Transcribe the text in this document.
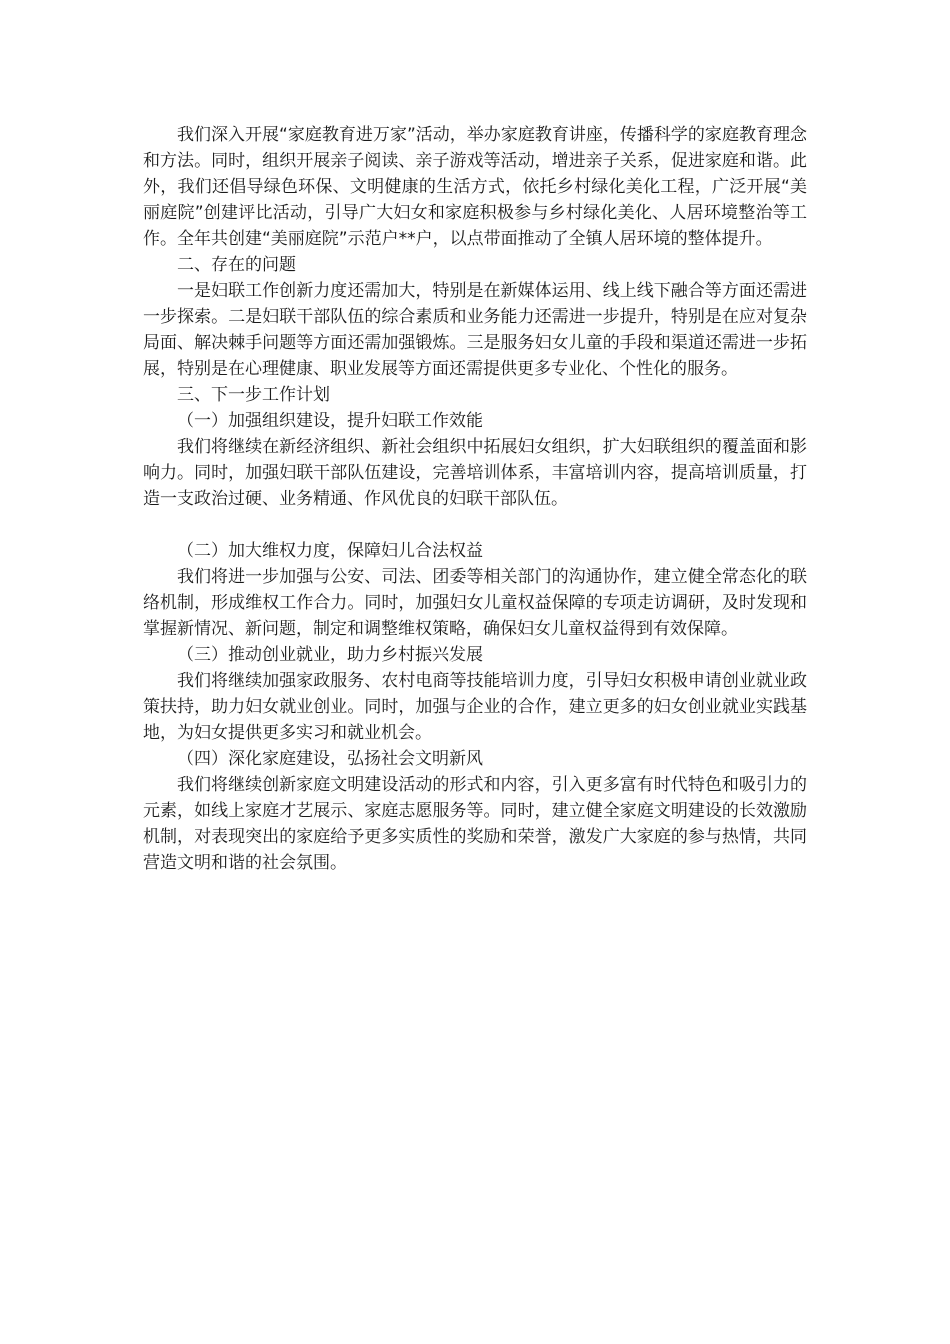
我们深入开展“家庭教育进万家”活动，举办家庭教育讲座，传播科学的家庭教育理念和方法。同时，组织开展亲子阅读、亲子游戏等活动，增进亲子关系，促进家庭和谐。此外，我们还倡导绿色环保、文明健康的生活方式，依托乡村绿化美化工程，广泛开展“美丽庭院”创建评比活动，引导广大妇女和家庭积极参与乡村绿化美化、人居环境整治等工作。全年共创建“美丽庭院”示范户**户，以点带面推动了全镇人居环境的整体提升。

二、存在的问题

一是妇联工作创新力度还需加大，特别是在新媒体运用、线上线下融合等方面还需进一步探索。二是妇联干部队伍的综合素质和业务能力还需进一步提升，特别是在应对复杂局面、解决棘手问题等方面还需加强锻炼。三是服务妇女儿童的手段和渠道还需进一步拓展，特别是在心理健康、职业发展等方面还需提供更多专业化、个性化的服务。

三、下一步工作计划

（一）加强组织建设，提升妇联工作效能

我们将继续在新经济组织、新社会组织中拓展妇女组织，扩大妇联组织的覆盖面和影响力。同时，加强妇联干部队伍建设，完善培训体系，丰富培训内容，提高培训质量，打造一支政治过硬、业务精通、作风优良的妇联干部队伍。

（二）加大维权力度，保障妇儿合法权益

我们将进一步加强与公安、司法、团委等相关部门的沟通协作，建立健全常态化的联络机制，形成维权工作合力。同时，加强妇女儿童权益保障的专项走访调研，及时发现和掌握新情况、新问题，制定和调整维权策略，确保妇女儿童权益得到有效保障。

（三）推动创业就业，助力乡村振兴发展

我们将继续加强家政服务、农村电商等技能培训力度，引导妇女积极申请创业就业政策扶持，助力妇女就业创业。同时，加强与企业的合作，建立更多的妇女创业就业实践基地，为妇女提供更多实习和就业机会。

（四）深化家庭建设，弘扬社会文明新风

我们将继续创新家庭文明建设活动的形式和内容，引入更多富有时代特色和吸引力的元素，如线上家庭才艺展示、家庭志愿服务等。同时，建立健全家庭文明建设的长效激励机制，对表现突出的家庭给予更多实质性的奖励和荣誉，激发广大家庭的参与热情，共同营造文明和谐的社会氛围。
